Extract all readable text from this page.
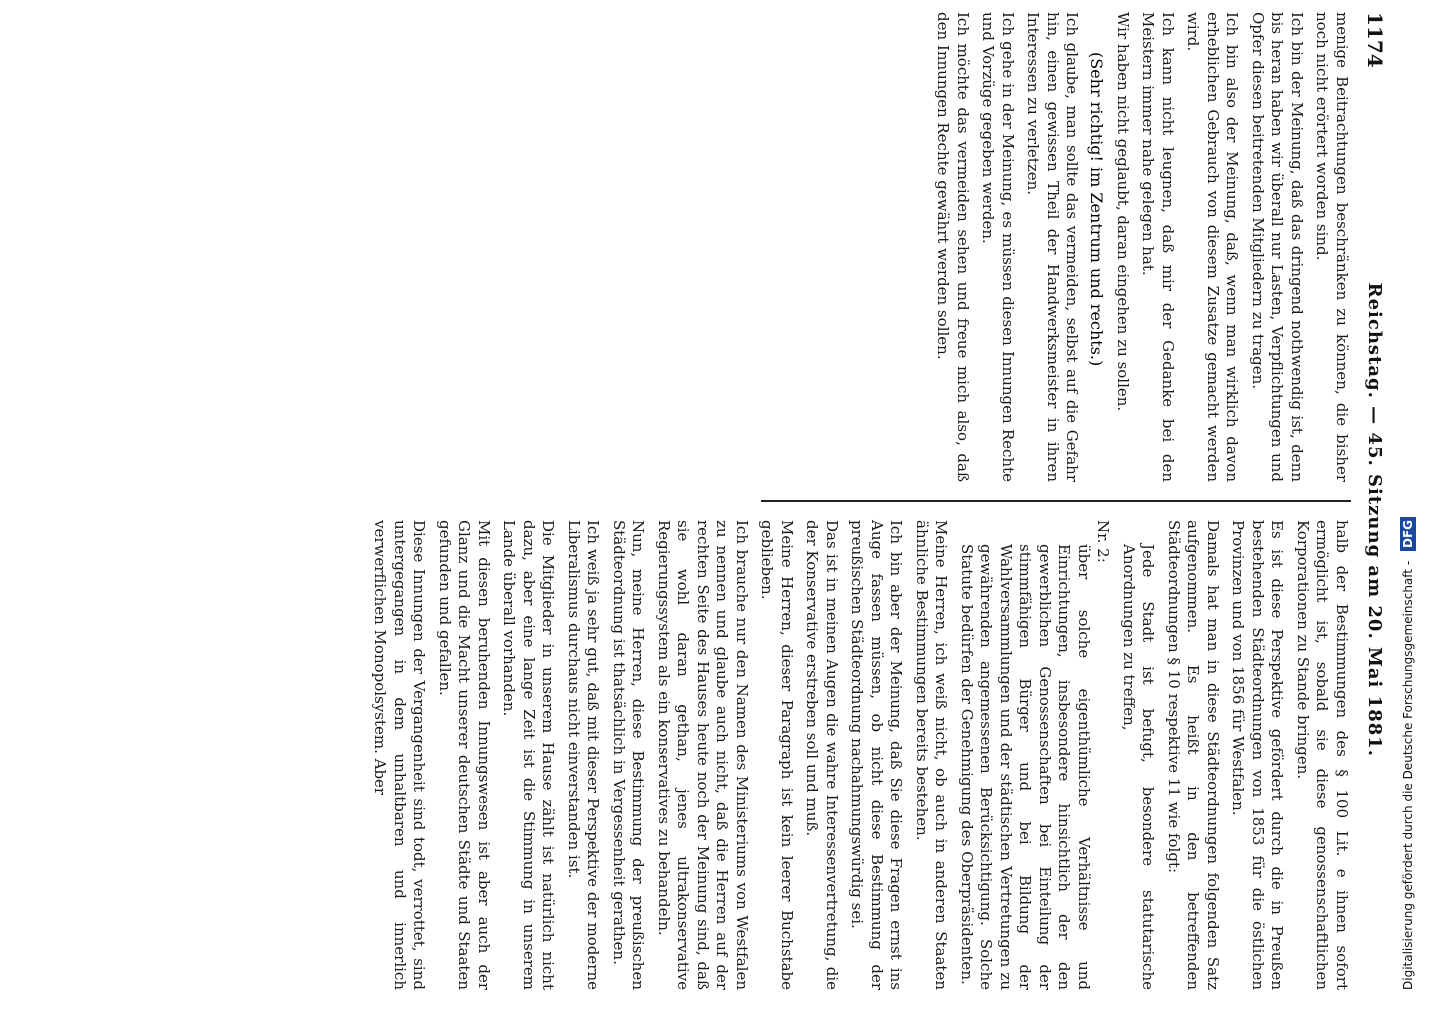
1174
Reichstag. — 45. Sitzung am 20. Mai 1881.

menige Beitrachtungen beschränken zu können, die bisher noch nicht erörtert worden sind.

Ich bin der Meinung, daß das dringend nothwendig ist, denn bis heran haben wir überall nur Lasten, Verpflichtungen und Opfer diesen beitretenden Mitgliedern zu tragen.

Ich bin also der Meinung, daß, wenn man wirklich davon erheblichen Gebrauch von diesem Zusatze gemacht werden wird.

Ich kann nicht leugnen, daß mir der Gedanke bei den Meistern immer nahe gelegen hat.

Wir haben nicht geglaubt, daran eingehen zu sollen.

(Sehr richtig! im Zentrum und rechts.)

Ich glaube, man sollte das vermeiden, selbst auf die Gefahr hin, einen gewissen Theil der Handwerksmeister in ihren Interessen zu verletzen.

Ich gehe in der Meinung, es müssen diesen Innungen Rechte und Vorzüge gegeben werden.

Ich möchte das vermeiden sehen und freue mich also, daß den Innungen Rechte gewährt werden sollen.

halb der Bestimmungen des § 100 Lit. e ihnen sofort ermöglicht ist, sobald sie diese genossenschaftlichen Korporationen zu Stande bringen.

Es ist diese Perspektive gefördert durch die in Preußen bestehenden Städteordnungen von 1853 für die östlichen Provinzen und von 1856 für Westfalen.

Damals hat man in diese Städteordnungen folgenden Satz aufgenommen. Es heißt in den betreffenden Städteordnungen § 10 respektive 11 wie folgt:

Jede Stadt ist befugt, besondere statutarische Anordnungen zu treffen,

Nr. 2:

über solche eigenthümliche Verhältnisse und Einrichtungen, insbesondere hinsichtlich der den gewerblichen Genossenschaften bei Einteilung der stimmfähigen Bürger und bei Bildung der Wahlversammlungen und der städtischen Vertretungen zu gewährenden angemessenen Berücksichtigung. Solche Statute bedürfen der Genehmigung des Oberpräsidenten.

Meine Herren, ich weiß nicht, ob auch in anderen Staaten ähnliche Bestimmungen bereits bestehen.

Ich bin aber der Meinung, daß Sie diese Fragen ernst ins Auge fassen müssen, ob nicht diese Bestimmung der preußischen Städteordnung nachahmungswürdig sei.

Das ist in meinen Augen die wahre Interessenvertretung, die der Konservative erstreben soll und muß.

Meine Herren, dieser Paragraph ist kein leerer Buchstabe geblieben.

Ich brauche nur den Namen des Ministeriums von Westfalen zu nennen und glaube auch nicht, daß die Herren auf der rechten Seite des Hauses heute noch der Meinung sind, daß sie wohl daran gethan, jenes ultrakonservative Regierungssystem als ein konservatives zu behandeln.

Nun, meine Herren, diese Bestimmung der preußischen Städteordnung ist thatsächlich in Vergessenheit gerathen.

Ich weiß ja sehr gut, daß mit dieser Perspektive der moderne Liberalismus durchaus nicht einverstanden ist.

Die Mitglieder in unserem Hause zählt ist natürlich nicht dazu, aber eine lange Zeit ist die Stimmung in unserem Lande überall vorhanden.

Mit diesen beruhenden Innungswesen ist aber auch der Glanz und die Macht unserer deutschen Städte und Staaten gefunden und gefallen.

Diese Innungen der Vergangenheit sind todt, verrottet, sind untergegangen in dem unhaltbaren und innerlich verwerflichen Monopolsystem. Aber	Digitalisierung gefördert durch die Deutsche Forschungsgemeinschaft - DFG
